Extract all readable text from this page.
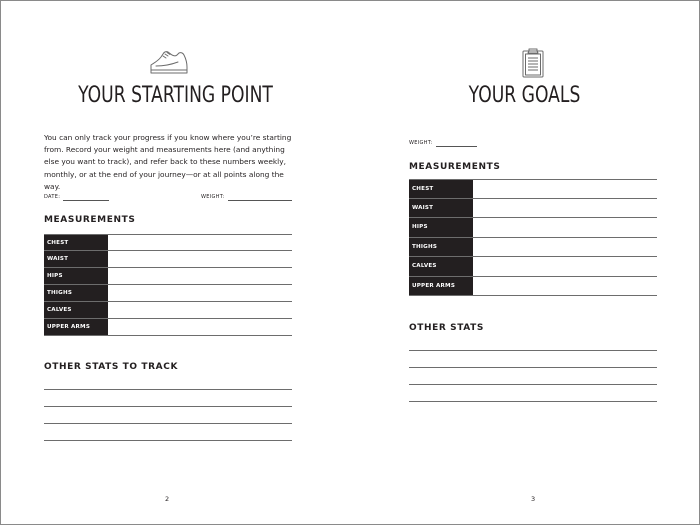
YOUR STARTING POINT

You can only track your progress if you know where you’re starting from. Record your weight and measurements here (and anything else you want to track), and refer back to these numbers weekly, monthly, or at the end of your journey—or at all points along the way.

DATE:	WEIGHT:
MEASUREMENTS
CHEST
WAIST
HIPS
THIGHS
CALVES
UPPER ARMS
OTHER STATS TO TRACK
2
YOUR GOALS
WEIGHT:
MEASUREMENTS
CHEST
WAIST
HIPS
THIGHS
CALVES
UPPER ARMS
OTHER STATS
3
